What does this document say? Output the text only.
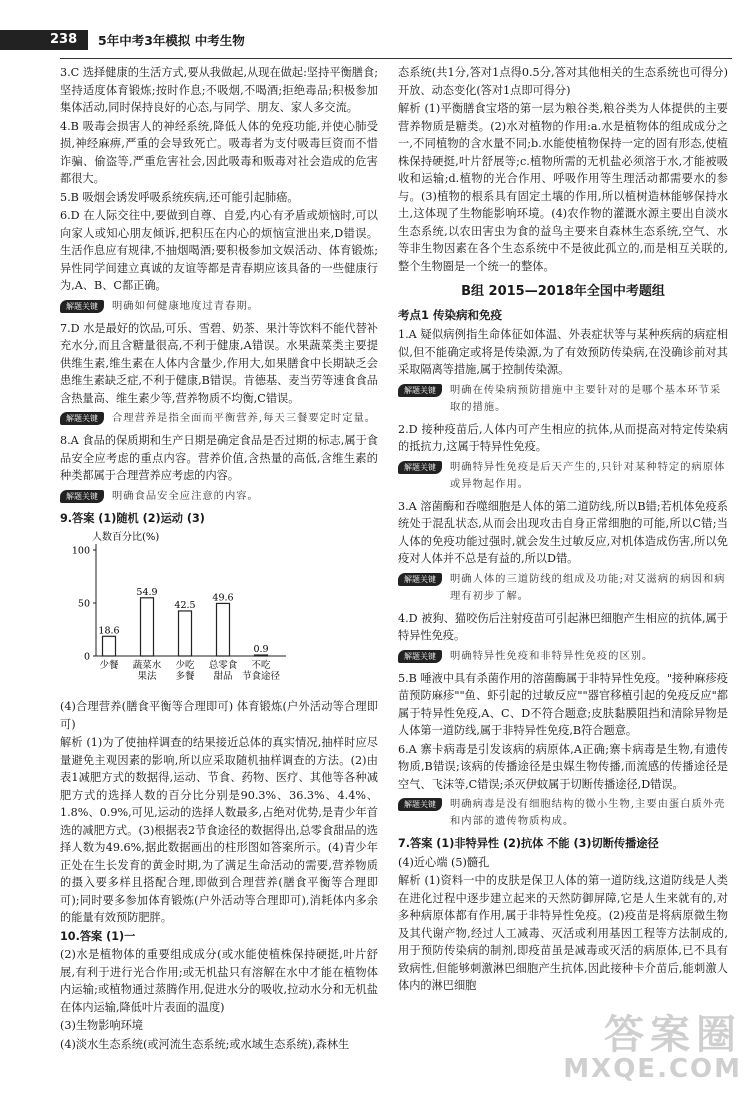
238	5年中考3年模拟 中考生物

3.C 选择健康的生活方式,要从我做起,从现在做起:坚持平衡膳食;坚持适度体育锻炼;按时作息;不吸烟,不喝酒;拒绝毒品;积极参加集体活动,同时保持良好的心态,与同学、朋友、家人多交流。

4.B 吸毒会损害人的神经系统,降低人体的免疫功能,并使心肺受损,神经麻痹,严重的会导致死亡。吸毒者为支付吸毒巨资而不惜诈骗、偷盗等,严重危害社会,因此吸毒和贩毒对社会造成的危害都很大。

5.B 吸烟会诱发呼吸系统疾病,还可能引起肺癌。

6.D 在人际交往中,要做到自尊、自爱,内心有矛盾或烦恼时,可以向家人或知心朋友倾诉,把积压在内心的烦恼宣泄出来,D错误。生活作息应有规律,不抽烟喝酒;要积极参加文娱活动、体育锻炼;异性同学间建立真诚的友谊等都是青春期应该具备的一些健康行为,A、B、C都正确。

解题关键	明确如何健康地度过青春期。

7.D 水是最好的饮品,可乐、雪碧、奶茶、果汁等饮料不能代替补充水分,而且含糖量很高,不利于健康,A错误。水果蔬菜类主要提供维生素,维生素在人体内含量少,作用大,如果膳食中长期缺乏会患维生素缺乏症,不利于健康,B错误。肯德基、麦当劳等速食食品含热量高、维生素少等,营养物质不均衡,C错误。

解题关键	合理营养是指全面而平衡营养,每天三餐要定时定量。

8.A 食品的保质期和生产日期是确定食品是否过期的标志,属于食品安全应考虑的重点内容。营养价值,含热量的高低,含维生素的种类都属于合理营养应考虑的内容。

解题关键	明确食品安全应注意的内容。

9.答案 (1)随机 (2)运动 (3)

人数百分比(%)
0
50
100
18.6
少餐
54.9
蔬菜水
果法
42.5
少吃
多餐
49.6
总零食
甜品
0.9
不吃
节食途径

(4)合理营养(膳食平衡等合理即可) 体育锻炼(户外活动等合理即可)

解析 (1)为了使抽样调查的结果接近总体的真实情况,抽样时应尽量避免主观因素的影响,所以应采取随机抽样调查的方法。(2)由表1减肥方式的数据得,运动、节食、药物、医疗、其他等各种减肥方式的选择人数的百分比分别是90.3%、36.3%、4.4%、1.8%、0.9%,可见,运动的选择人数最多,占绝对优势,是青少年首选的减肥方式。(3)根据表2节食途径的数据得出,总零食甜品的选择人数为49.6%,据此数据画出的柱形图如答案所示。(4)青少年正处在生长发育的黄金时期,为了满足生命活动的需要,营养物质的摄入要多样且搭配合理,即做到合理营养(膳食平衡等合理即可);同时要多参加体育锻炼(户外活动等合理即可),消耗体内多余的能量有效预防肥胖。

10.答案 (1)一

(2)水是植物体的重要组成成分(或水能使植株保持硬挺,叶片舒展,有利于进行光合作用;或无机盐只有溶解在水中才能在植物体内运输;或植物通过蒸腾作用,促进水分的吸收,拉动水分和无机盐在体内运输,降低叶片表面的温度)

(3)生物影响环境

(4)淡水生态系统(或河流生态系统;或水域生态系统),森林生

态系统(共1分,答对1点得0.5分,答对其他相关的生态系统也可得分) 开放、动态变化(答对1点即可得分)

解析 (1)平衡膳食宝塔的第一层为粮谷类,粮谷类为人体提供的主要营养物质是糖类。(2)水对植物的作用:a.水是植物体的组成成分之一,不同植物的含水量不同;b.水能使植物保持一定的固有形态,使植株保持硬挺,叶片舒展等;c.植物所需的无机盐必须溶于水,才能被吸收和运输;d.植物的光合作用、呼吸作用等生理活动都需要水的参与。(3)植物的根系具有固定土壤的作用,所以植树造林能够保持水土,这体现了生物能影响环境。(4)农作物的灌溉水源主要出自淡水生态系统,以农田害虫为食的益鸟主要来自森林生态系统,空气、水等非生物因素在各个生态系统中不是彼此孤立的,而是相互关联的,整个生物圈是一个统一的整体。

B组 2015—2018年全国中考题组
考点1 传染病和免疫

1.A 疑似病例指生命体征如体温、外表症状等与某种疾病的病症相似,但不能确定或将是传染源,为了有效预防传染病,在没确诊前对其采取隔离等措施,属于控制传染源。

解题关键	明确在传染病预防措施中主要针对的是哪个基本环节采取的措施。

2.D 接种疫苗后,人体内可产生相应的抗体,从而提高对特定传染病的抵抗力,这属于特异性免疫。

解题关键	明确特异性免疫是后天产生的,只针对某种特定的病原体或异物起作用。

3.A 溶菌酶和吞噬细胞是人体的第二道防线,所以B错;若机体免疫系统处于混乱状态,从而会出现攻击自身正常细胞的可能,所以C错;当人体的免疫功能过强时,就会发生过敏反应,对机体造成伤害,所以免疫对人体并不总是有益的,所以D错。

解题关键	明确人体的三道防线的组成及功能;对艾滋病的病因和病理有初步了解。

4.D 被狗、猫咬伤后注射疫苗可引起淋巴细胞产生相应的抗体,属于特异性免疫。

解题关键	明确特异性免疫和非特异性免疫的区别。

5.B 唾液中具有杀菌作用的溶菌酶属于非特异性免疫。"接种麻疹疫苗预防麻疹""鱼、虾引起的过敏反应""器官移植引起的免疫反应"都属于特异性免疫,A、C、D不符合题意;皮肤黏膜阻挡和清除异物是人体第一道防线,属于非特异性免疫,B符合题意。

6.A 寨卡病毒是引发该病的病原体,A正确;寨卡病毒是生物,有遗传物质,B错误;该病的传播途径是虫媒生物传播,而流感的传播途径是空气、飞沫等,C错误;杀灭伊蚊属于切断传播途径,D错误。

解题关键	明确病毒是没有细胞结构的微小生物,主要由蛋白质外壳和内部的遗传物质构成。

7.答案 (1)非特异性 (2)抗体 不能 (3)切断传播途径

(4)近心端 (5)髓孔

解析 (1)资料一中的皮肤是保卫人体的第一道防线,这道防线是人类在进化过程中逐步建立起来的天然防御屏障,它是人生来就有的,对多种病原体都有作用,属于非特异性免疫。(2)疫苗是将病原微生物及其代谢产物,经过人工减毒、灭活或利用基因工程等方法制成的,用于预防传染病的制剂,即疫苗虽是减毒或灭活的病原体,已不具有致病性,但能够刺激淋巴细胞产生抗体,因此接种卡介苗后,能刺激人体内的淋巴细胞

答案圈
MXQE.COM
